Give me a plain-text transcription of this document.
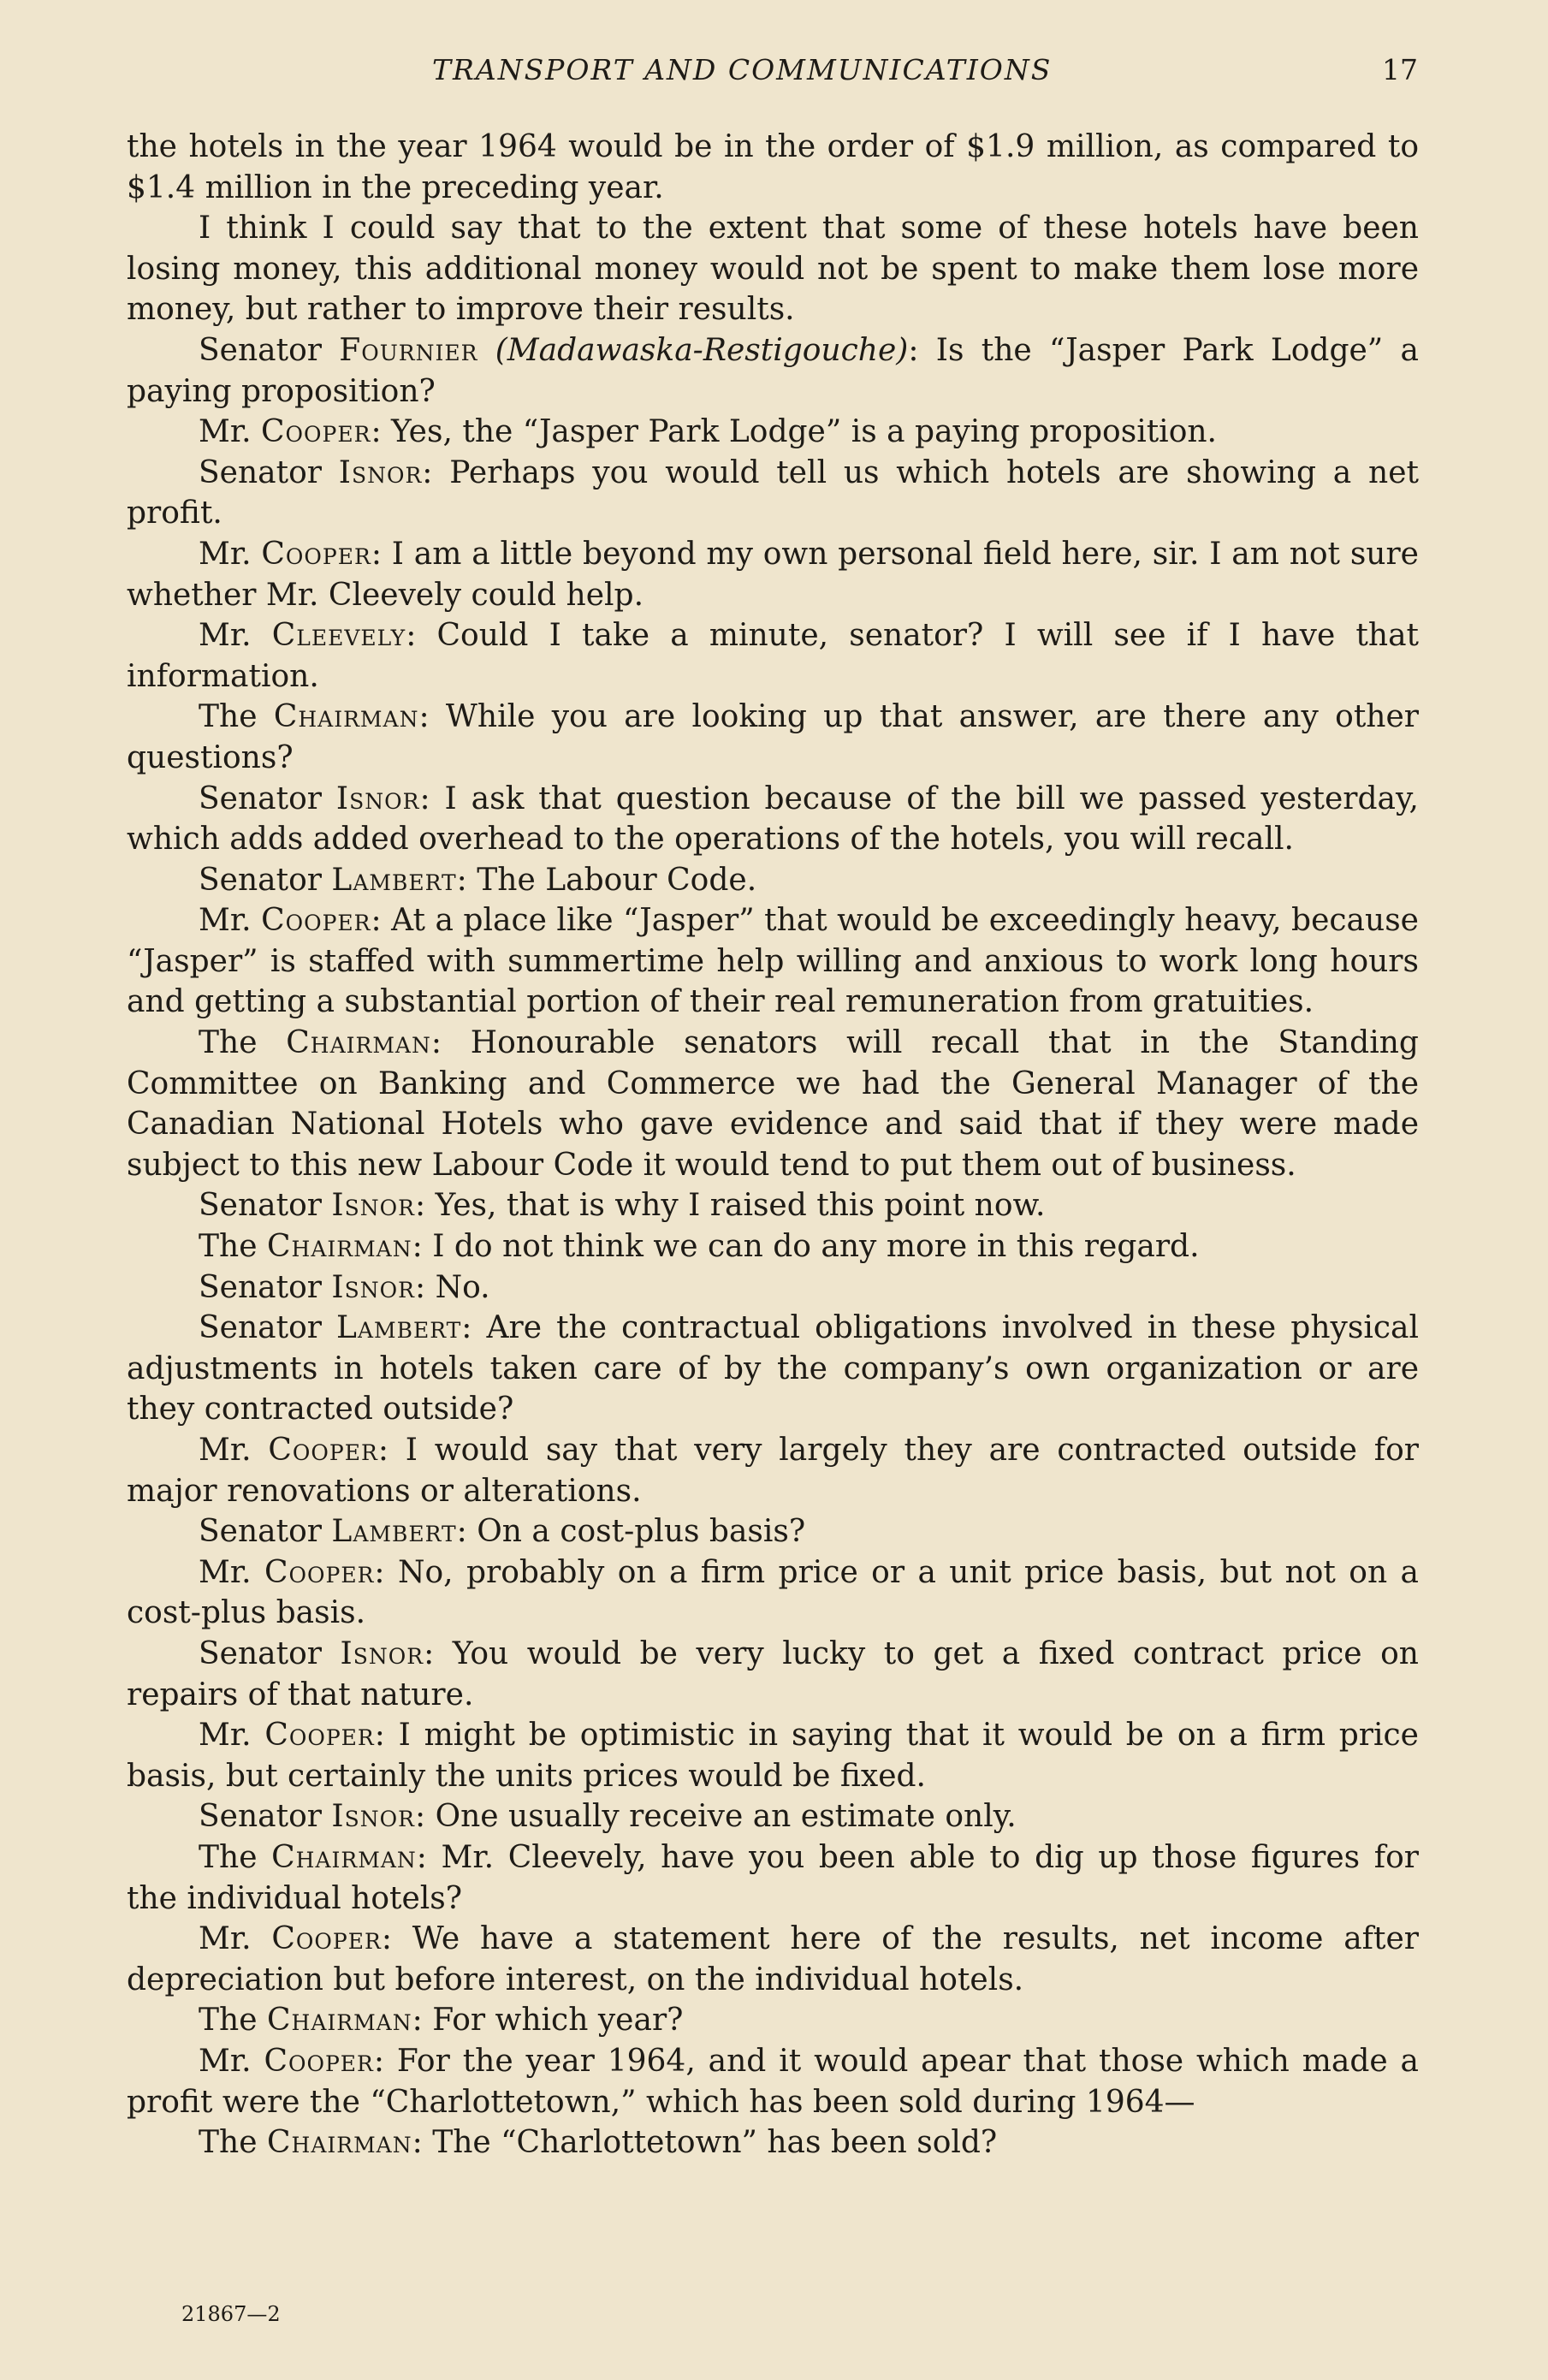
TRANSPORT AND COMMUNICATIONS	17

the hotels in the year 1964 would be in the order of $1.9 million, as compared to $1.4 million in the preceding year.

I think I could say that to the extent that some of these hotels have been losing money, this additional money would not be spent to make them lose more money, but rather to improve their results.

Senator Fournier (Madawaska-Restigouche): Is the “Jasper Park Lodge” a paying proposition?

Mr. Cooper: Yes, the “Jasper Park Lodge” is a paying proposition.

Senator Isnor: Perhaps you would tell us which hotels are showing a net profit.

Mr. Cooper: I am a little beyond my own personal field here, sir. I am not sure whether Mr. Cleevely could help.

Mr. Cleevely: Could I take a minute, senator? I will see if I have that information.

The Chairman: While you are looking up that answer, are there any other questions?

Senator Isnor: I ask that question because of the bill we passed yesterday, which adds added overhead to the operations of the hotels, you will recall.

Senator Lambert: The Labour Code.

Mr. Cooper: At a place like “Jasper” that would be exceedingly heavy, because “Jasper” is staffed with summertime help willing and anxious to work long hours and getting a substantial portion of their real remuneration from gratuities.

The Chairman: Honourable senators will recall that in the Standing Committee on Banking and Commerce we had the General Manager of the Canadian National Hotels who gave evidence and said that if they were made subject to this new Labour Code it would tend to put them out of business.

Senator Isnor: Yes, that is why I raised this point now.

The Chairman: I do not think we can do any more in this regard.

Senator Isnor: No.

Senator Lambert: Are the contractual obligations involved in these physical adjustments in hotels taken care of by the company’s own organization or are they contracted outside?

Mr. Cooper: I would say that very largely they are contracted outside for major renovations or alterations.

Senator Lambert: On a cost-plus basis?

Mr. Cooper: No, probably on a firm price or a unit price basis, but not on a cost-plus basis.

Senator Isnor: You would be very lucky to get a fixed contract price on repairs of that nature.

Mr. Cooper: I might be optimistic in saying that it would be on a firm price basis, but certainly the units prices would be fixed.

Senator Isnor: One usually receive an estimate only.

The Chairman: Mr. Cleevely, have you been able to dig up those figures for the individual hotels?

Mr. Cooper: We have a statement here of the results, net income after depreciation but before interest, on the individual hotels.

The Chairman: For which year?

Mr. Cooper: For the year 1964, and it would apear that those which made a profit were the “Charlottetown,” which has been sold during 1964—

The Chairman: The “Charlottetown” has been sold?

21867—2
